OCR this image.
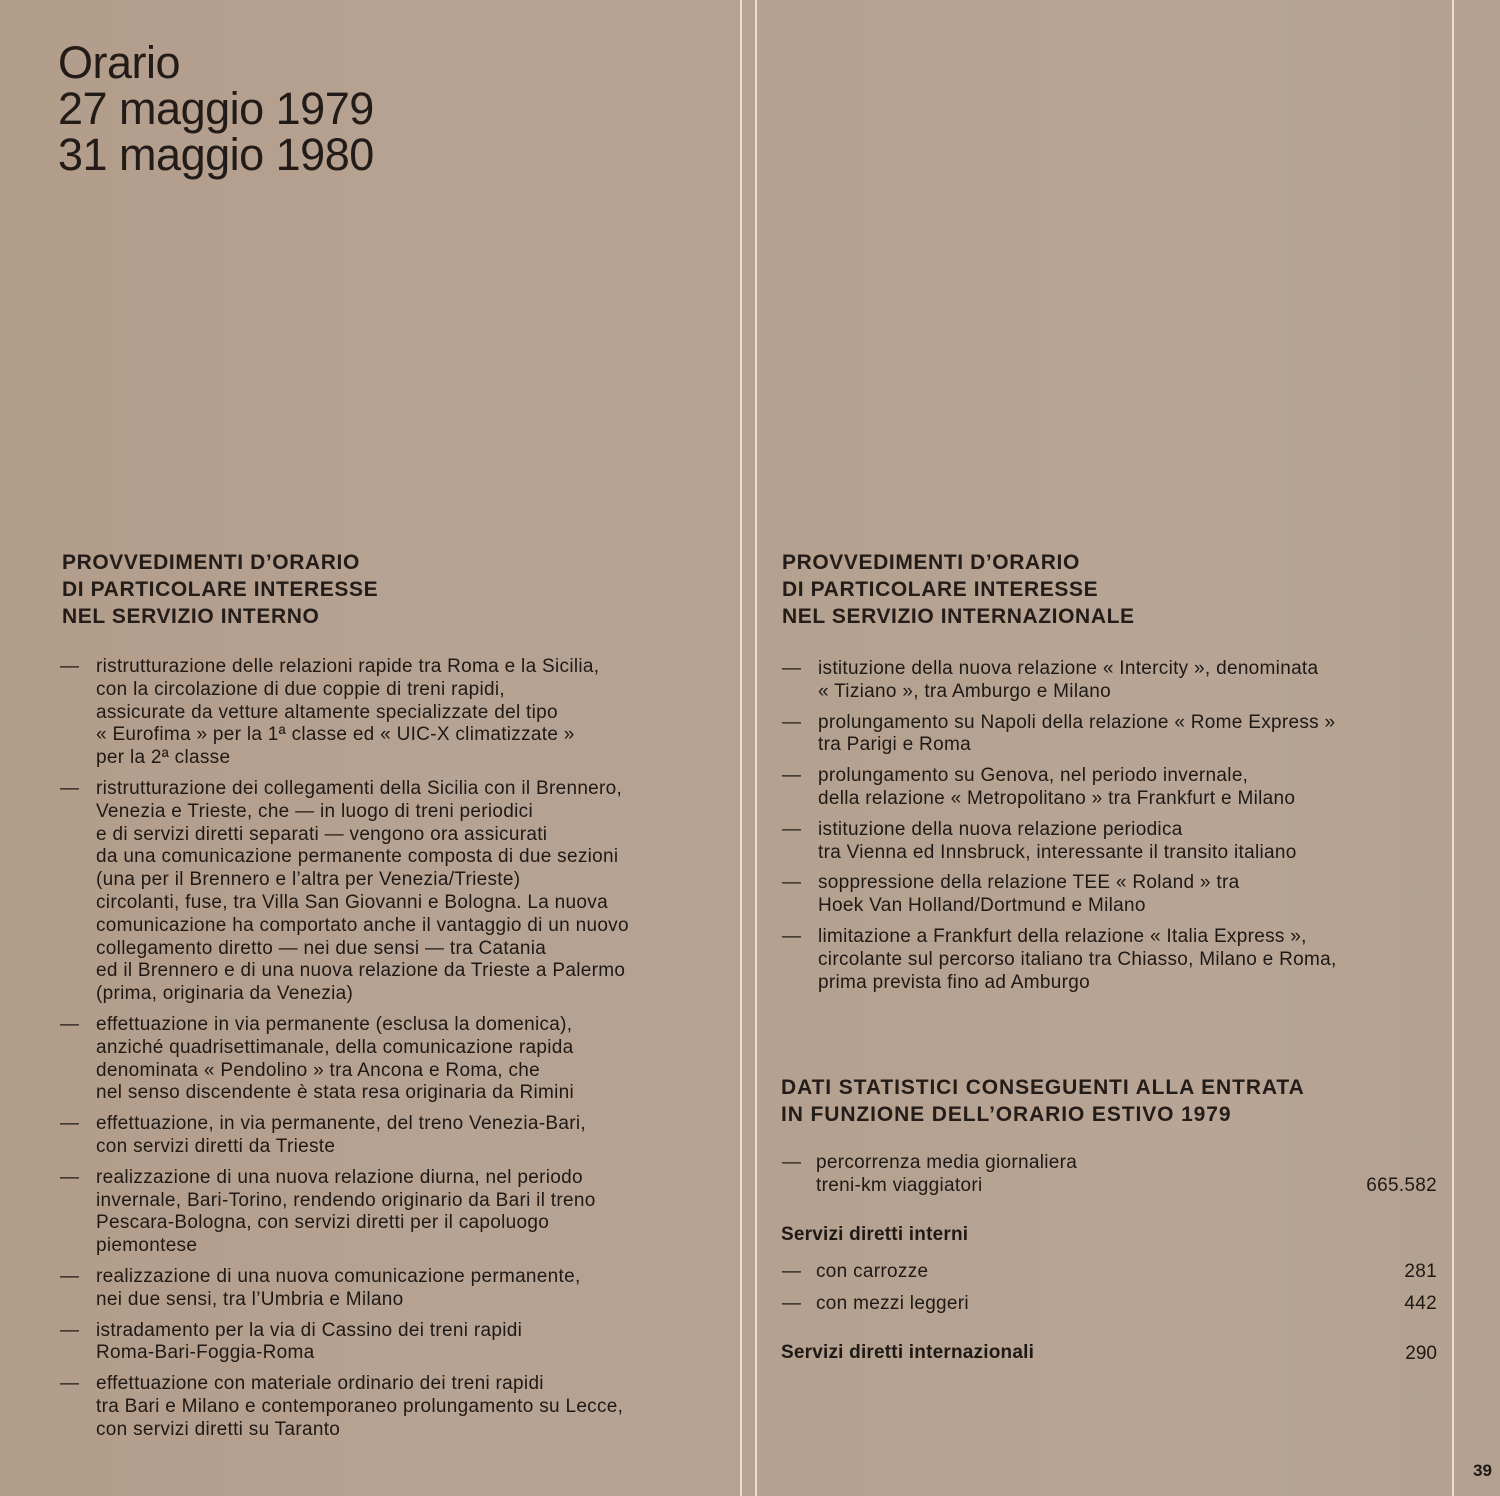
Orario
27 maggio 1979
31 maggio 1980
PROVVEDIMENTI D’ORARIO
DI PARTICOLARE INTERESSE
NEL SERVIZIO INTERNO
— ristrutturazione delle relazioni rapide tra Roma e la Sicilia,
con la circolazione di due coppie di treni rapidi,
assicurate da vetture altamente specializzate del tipo
« Eurofima » per la 1ª classe ed « UIC-X climatizzate »
per la 2ª classe
— ristrutturazione dei collegamenti della Sicilia con il Brennero,
Venezia e Trieste, che — in luogo di treni periodici
e di servizi diretti separati — vengono ora assicurati
da una comunicazione permanente composta di due sezioni
(una per il Brennero e l’altra per Venezia/Trieste)
circolanti, fuse, tra Villa San Giovanni e Bologna. La nuova
comunicazione ha comportato anche il vantaggio di un nuovo
collegamento diretto — nei due sensi — tra Catania
ed il Brennero e di una nuova relazione da Trieste a Palermo
(prima, originaria da Venezia)
— effettuazione in via permanente (esclusa la domenica),
anziché quadrisettimanale, della comunicazione rapida
denominata « Pendolino » tra Ancona e Roma, che
nel senso discendente è stata resa originaria da Rimini
— effettuazione, in via permanente, del treno Venezia-Bari,
con servizi diretti da Trieste
— realizzazione di una nuova relazione diurna, nel periodo
invernale, Bari-Torino, rendendo originario da Bari il treno
Pescara-Bologna, con servizi diretti per il capoluogo
piemontese
— realizzazione di una nuova comunicazione permanente,
nei due sensi, tra l’Umbria e Milano
— istradamento per la via di Cassino dei treni rapidi
Roma-Bari-Foggia-Roma
— effettuazione con materiale ordinario dei treni rapidi
tra Bari e Milano e contemporaneo prolungamento su Lecce,
con servizi diretti su Taranto
PROVVEDIMENTI D’ORARIO
DI PARTICOLARE INTERESSE
NEL SERVIZIO INTERNAZIONALE
— istituzione della nuova relazione « Intercity », denominata
« Tiziano », tra Amburgo e Milano
— prolungamento su Napoli della relazione « Rome Express »
tra Parigi e Roma
— prolungamento su Genova, nel periodo invernale,
della relazione « Metropolitano » tra Frankfurt e Milano
— istituzione della nuova relazione periodica
tra Vienna ed Innsbruck, interessante il transito italiano
— soppressione della relazione TEE « Roland » tra
Hoek Van Holland/Dortmund e Milano
— limitazione a Frankfurt della relazione « Italia Express »,
circolante sul percorso italiano tra Chiasso, Milano e Roma,
prima prevista fino ad Amburgo
DATI STATISTICI CONSEGUENTI ALLA ENTRATA
IN FUNZIONE DELL’ORARIO ESTIVO 1979
— percorrenza media giornaliera
treni-km viaggiatori	665.582
Servizi diretti interni
— con carrozze	281
— con mezzi leggeri	442
Servizi diretti internazionali	290
39
